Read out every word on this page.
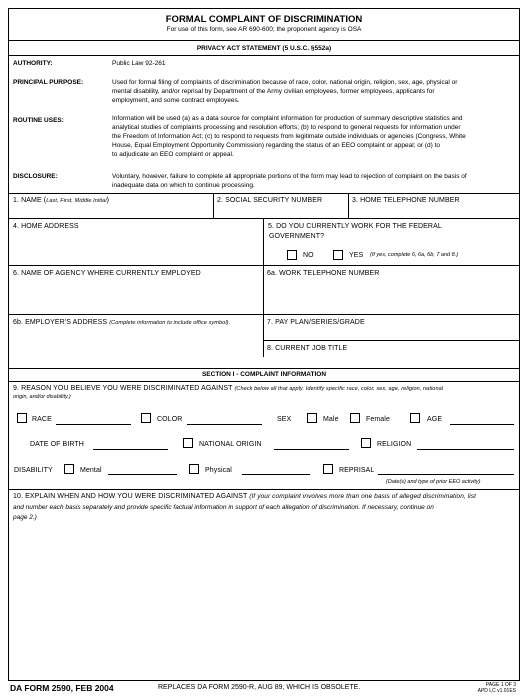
FORMAL COMPLAINT OF DISCRIMINATION
For use of this form, see AR 690-600; the proponent agency is OSA
PRIVACY ACT STATEMENT (5 U.S.C. §552a)
AUTHORITY:	Public Law 92-261
PRINCIPAL PURPOSE:	Used for formal filing of complaints of discrimination because of race, color, national origin, religion, sex, age, physical or
mental disability, and/or reprisal by Department of the Army civilian employees, former employees, applicants for
employment, and some contract employees.
ROUTINE USES:	Information will be used (a) as a data source for complaint information for production of summary descriptive statistics and
analytical studies of complaints processing and resolution efforts; (b) to respond to general requests for information under
the Freedom of Information Act; (c) to respond to requests from legitimate outside individuals or agencies (Congress, White
House, Equal Employment Opportunity Commission) regarding the status of an EEO complaint or appeal; or (d) to
to adjudicate an EEO complaint or appeal.
DISCLOSURE:	Voluntary, however, failure to complete all appropriate portions of the form may lead to rejection of complaint on the basis of
inadequate data on which to continue processing.
1. NAME (Last, First, Middle Initial)	2. SOCIAL SECURITY NUMBER	3. HOME TELEPHONE NUMBER
4. HOME ADDRESS	5. DO YOU CURRENTLY WORK FOR THE FEDERAL
GOVERNMENT?
NO	YES (If yes, complete 6, 6a, 6b, 7 and 8.)
6. NAME OF AGENCY WHERE CURRENTLY EMPLOYED	6a. WORK TELEPHONE NUMBER
6b. EMPLOYER'S ADDRESS (Complete information to include office symbol).	7. PAY PLAN/SERIES/GRADE
8. CURRENT JOB TITLE
SECTION I - COMPLAINT INFORMATION
9. REASON YOU BELIEVE YOU WERE DISCRIMINATED AGAINST (Check below all that apply. Identify specific race, color, sex, age, religion, national
origin, and/or disability.)
RACE	COLOR	SEX	Male	Female	AGE
DATE OF BIRTH	NATIONAL ORIGIN	RELIGION
DISABILITY	Mental	Physical	REPRISAL
(Date(s) and type of prior EEO activity)
10. EXPLAIN WHEN AND HOW YOU WERE DISCRIMINATED AGAINST (If your complaint involves more than one basis of alleged discrimination, list
and number each basis separately and provide specific factual information in support of each allegation of discrimination. If necessary, continue on
page 2.)
DA FORM 2590, FEB 2004	REPLACES DA FORM 2590-R, AUG 89, WHICH IS OBSOLETE.	PAGE 1 OF 3
APD LC v1.01ES
